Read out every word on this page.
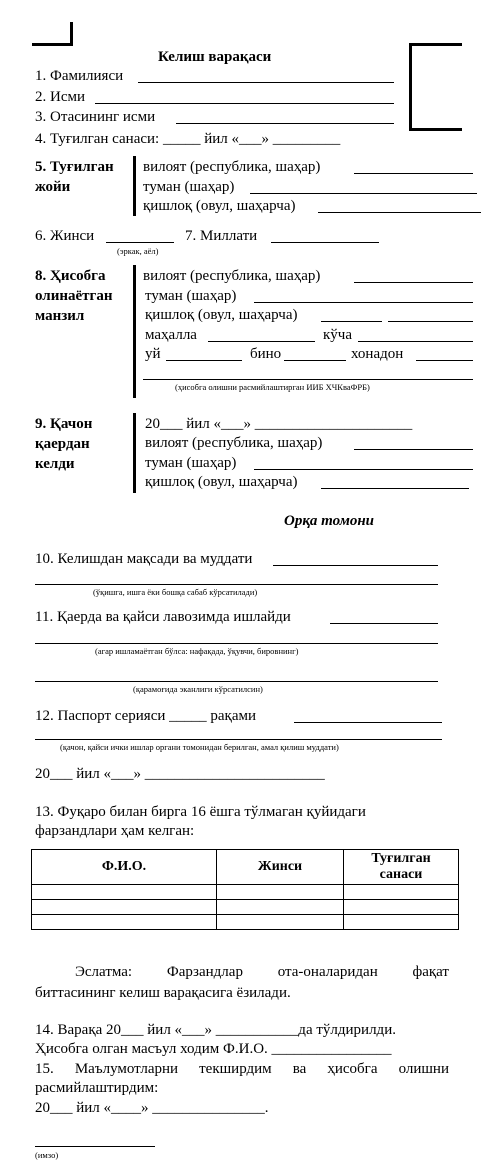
Келиш варақаси
1. Фамилияси
2. Исми
3. Отасининг исми
4. Туғилган санаси: _____ йил «___» _________
5. Туғилган
жойи
вилоят (республика, шаҳар)
туман (шаҳар)
қишлоқ (овул, шаҳарча)
6. Жинси
(эркак, аёл)
7. Миллати
8. Ҳисобга
олинаётган
манзил
вилоят (республика, шаҳар)
туман (шаҳар)
қишлоқ (овул, шаҳарча)
маҳалла	кўча
уй	бино	хонадон
(ҳисобга олишни расмийлаштирган ИИБ ХЧКваФРБ)
9. Қачон
қаердан
келди
20___ йил «___» _____________________
вилоят (республика, шаҳар)
туман (шаҳар)
қишлоқ (овул, шаҳарча)
Орқа томони
10. Келишдан мақсади ва муддати
(ўқишга, ишга ёки бошқа сабаб кўрсатилади)
11. Қаерда ва қайси лавозимда ишлайди
(агар ишламаётган бўлса: нафақада, ўқувчи, бировнинг)
(қарамоғида эканлиги кўрсатилсин)
12. Паспорт серияси _____ рақами
(қачон, қайси ички ишлар органи томонидан берилган, амал қилиш муддати)
20___ йил «___» ________________________
13. Фуқаро билан бирга 16 ёшга тўлмаган қуйидаги
фарзандлари ҳам келган:
Ф.И.О.	Жинси	Туғилган
санаси

Эслатма: Фарзандлар ота-оналаридан фақат
биттасининг келиш варақасига ёзилади.
14. Варақа 20___ йил «___» ___________да тўлдирилди.
Ҳисобга олган масъул ходим Ф.И.О. ________________
15. Маълумотларни текширдим ва ҳисобга олишни
расмийлаштирдим:
20___ йил «____» _______________.
(имзо)
